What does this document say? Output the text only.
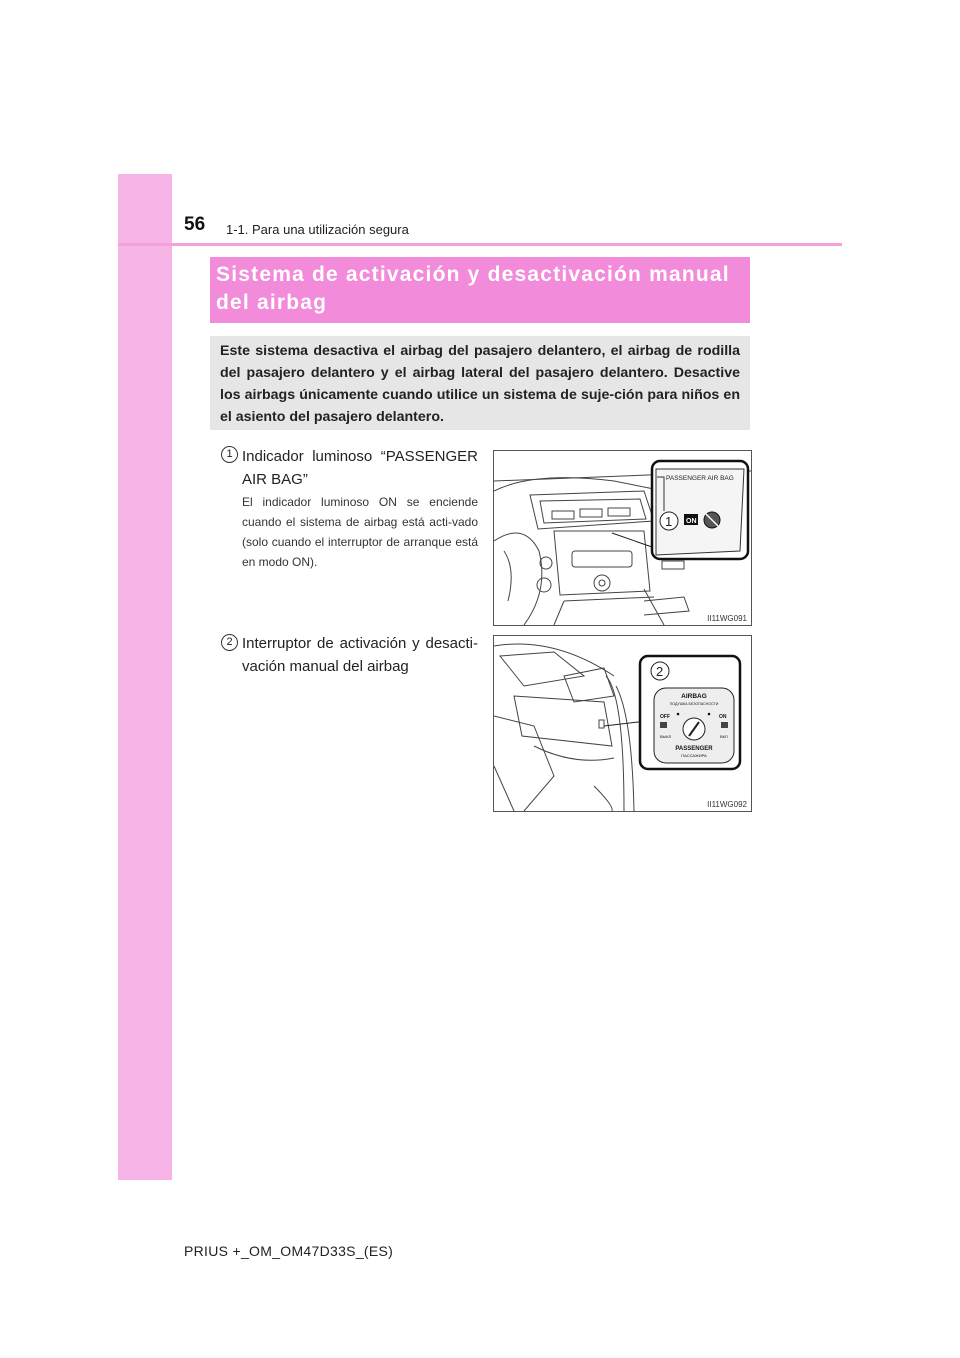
56 1-1. Para una utilización segura
Sistema de activación y desactivación manual del airbag
Este sistema desactiva el airbag del pasajero delantero, el airbag de rodilla del pasajero delantero y el airbag lateral del pasajero delantero. Desactive los airbags únicamente cuando utilice un sistema de suje-ción para niños en el asiento del pasajero delantero.
1 Indicador luminoso “PASSENGER AIR BAG”
El indicador luminoso ON se enciende cuando el sistema de airbag está acti-vado (solo cuando el interruptor de arranque está en modo ON).
PASSENGER AIR BAG
1 ON
II11WG091
2 Interruptor de activación y desacti-vación manual del airbag	2
AIRBAG
ПОДУШКА БЕЗОПАСНОСТИ
OFF	ON
ВЫКЛ	ВКЛ
PASSENGER
ПАССАЖИРА
II11WG092
PRIUS +_OM_OM47D33S_(ES)
